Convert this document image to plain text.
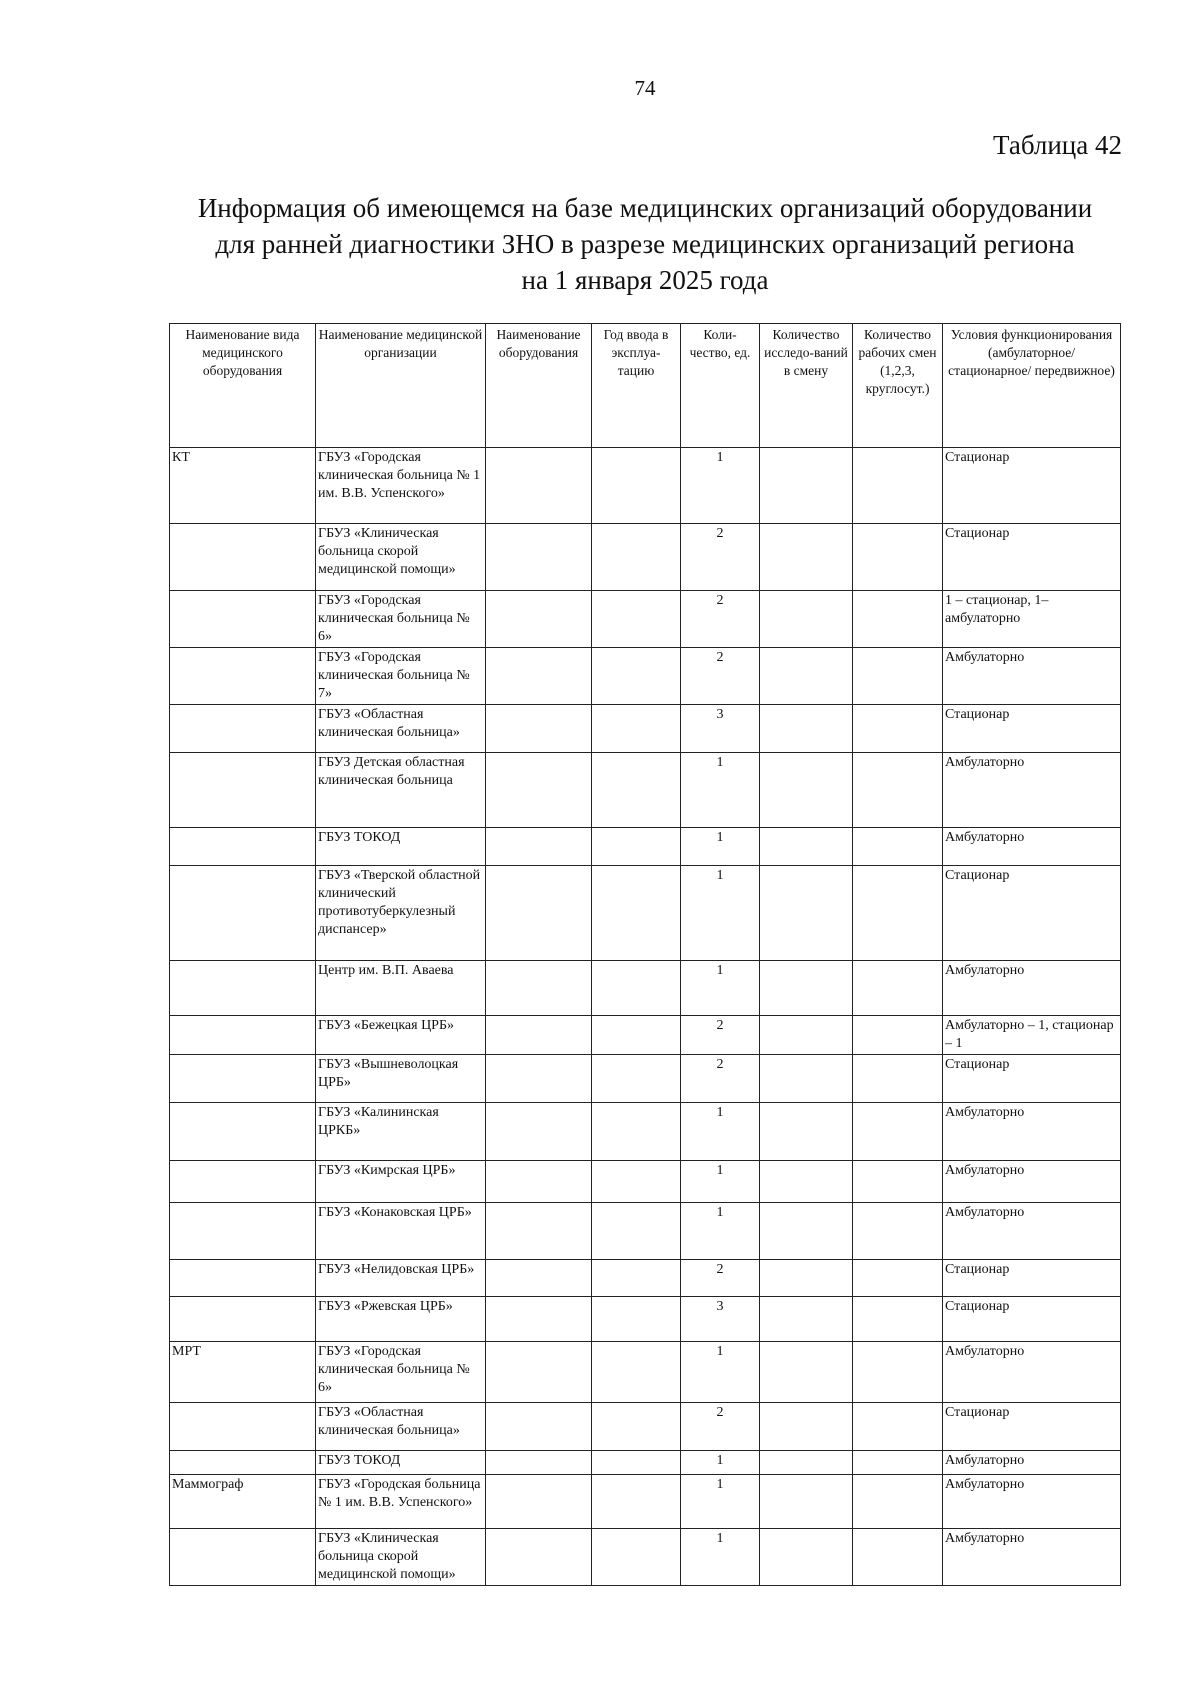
74
Таблица 42
Информация об имеющемся на базе медицинских организаций оборудовании
для ранней диагностики ЗНО в разрезе медицинских организаций региона
на 1 января 2025 года
Наименование вида медицинского оборудования	Наименование медицинской организации	Наименование оборудования	Год ввода в эксплуа-тацию	Коли-чество, ед.	Количество исследо-ваний в смену	Количество рабочих смен (1,2,3, круглосут.)	Условия функционирования (амбулаторное/ стационарное/ передвижное)
КТ	ГБУЗ «Городская клиническая больница № 1 им. В.В. Успенского»			1			Стационар
	ГБУЗ «Клиническая больница скорой медицинской помощи»			2			Стационар
	ГБУЗ «Городская клиническая больница № 6»			2			1 – стационар, 1– амбулаторно
	ГБУЗ «Городская клиническая больница № 7»			2			Амбулаторно
	ГБУЗ «Областная клиническая больница»			3			Стационар
	ГБУЗ Детская областная клиническая больница			1			Амбулаторно
	ГБУЗ ТОКОД			1			Амбулаторно
	ГБУЗ «Тверской областной клинический противотуберкулезный диспансер»			1			Стационар
	Центр им. В.П. Аваева			1			Амбулаторно
	ГБУЗ «Бежецкая ЦРБ»			2			Амбулаторно – 1, стационар – 1
	ГБУЗ «Вышневолоцкая ЦРБ»			2			Стационар
	ГБУЗ «Калининская ЦРКБ»			1			Амбулаторно
	ГБУЗ «Кимрская ЦРБ»			1			Амбулаторно
	ГБУЗ «Конаковская ЦРБ»			1			Амбулаторно
	ГБУЗ «Нелидовская ЦРБ»			2			Стационар
	ГБУЗ «Ржевская ЦРБ»			3			Стационар
МРТ	ГБУЗ «Городская клиническая больница № 6»			1			Амбулаторно
	ГБУЗ «Областная клиническая больница»			2			Стационар
	ГБУЗ ТОКОД			1			Амбулаторно
Маммограф	ГБУЗ «Городская больница № 1 им. В.В. Успенского»			1			Амбулаторно
	ГБУЗ «Клиническая больница скорой медицинской помощи»			1			Амбулаторно
